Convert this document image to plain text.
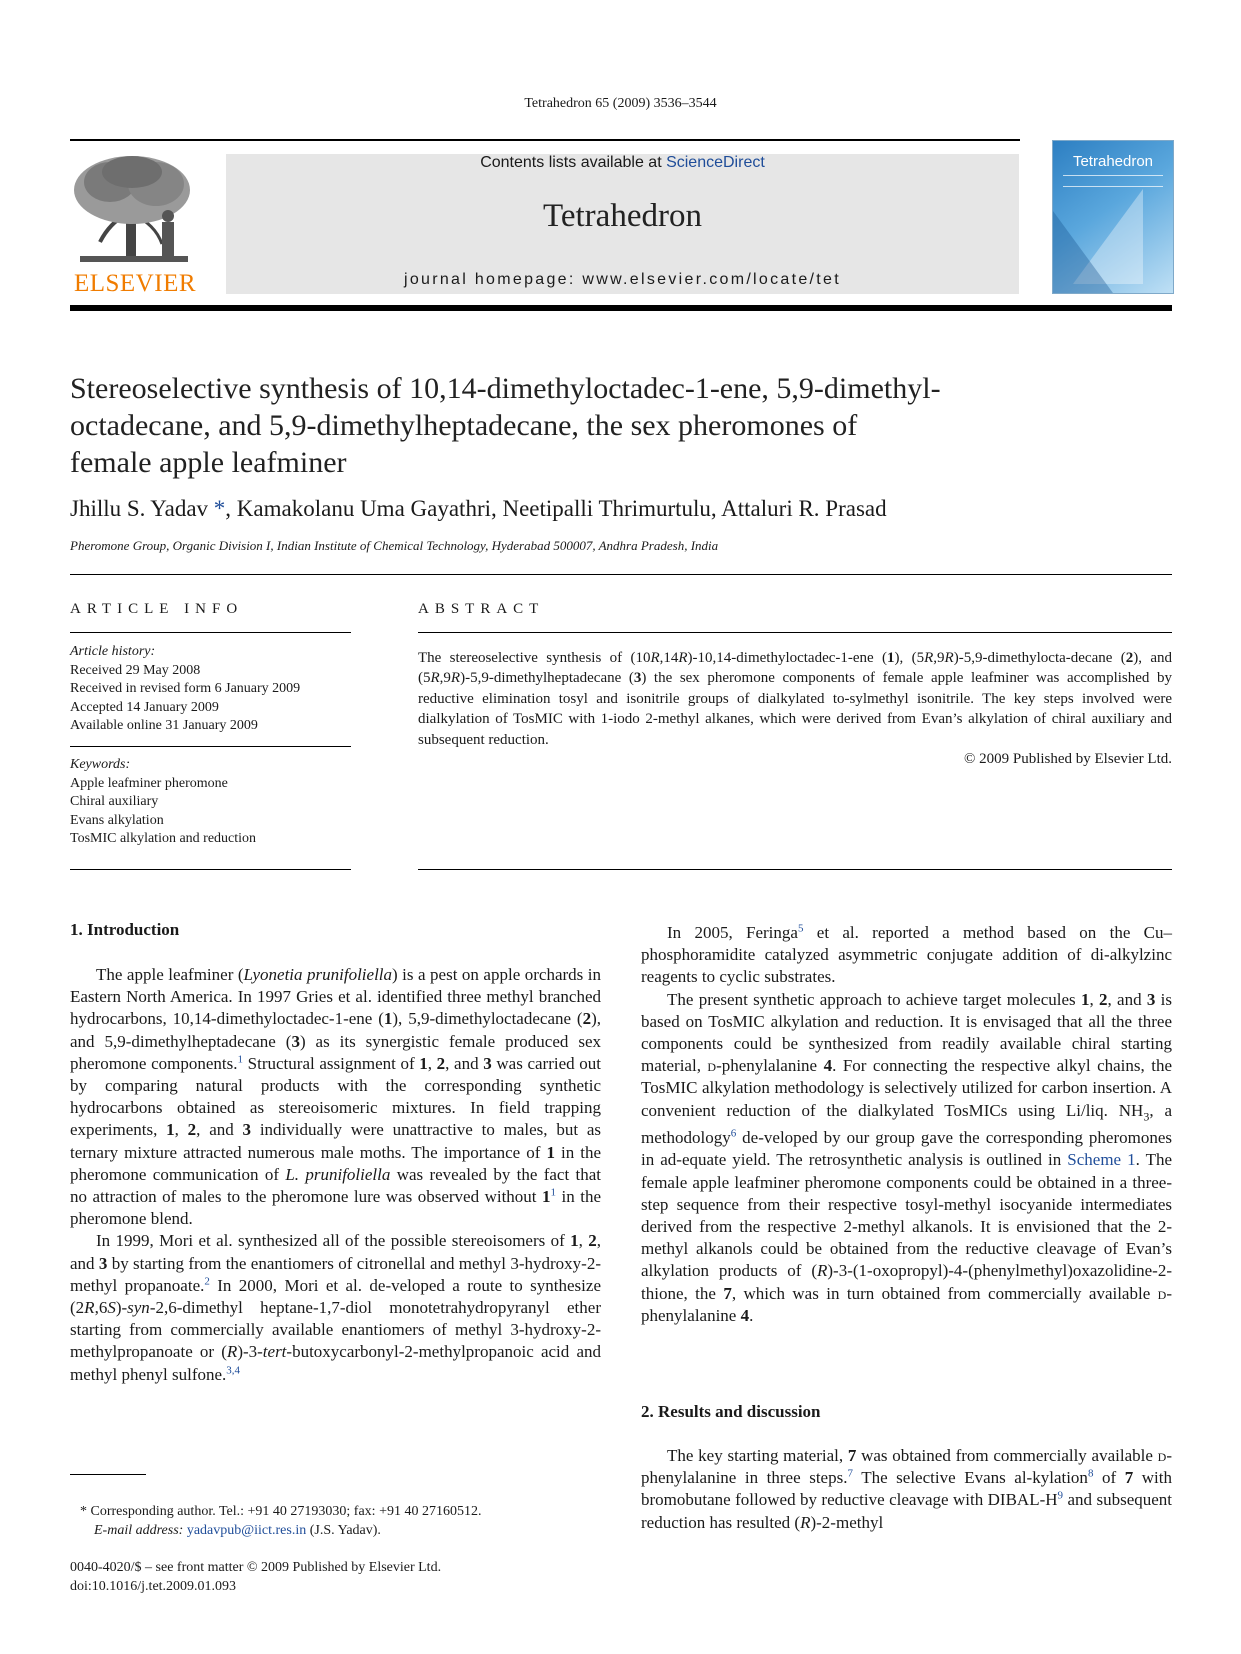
Tetrahedron 65 (2009) 3536–3544
ELSEVIER
Contents lists available at ScienceDirect
Tetrahedron
journal homepage: www.elsevier.com/locate/tet
Tetrahedron
Stereoselective synthesis of 10,14-dimethyloctadec-1-ene, 5,9-dimethyl-
octadecane, and 5,9-dimethylheptadecane, the sex pheromones of
female apple leafminer
Jhillu S. Yadav *, Kamakolanu Uma Gayathri, Neetipalli Thrimurtulu, Attaluri R. Prasad
Pheromone Group, Organic Division I, Indian Institute of Chemical Technology, Hyderabad 500007, Andhra Pradesh, India
ARTICLE INFO
Article history:
Received 29 May 2008
Received in revised form 6 January 2009
Accepted 14 January 2009
Available online 31 January 2009
Keywords:
Apple leafminer pheromone
Chiral auxiliary
Evans alkylation
TosMIC alkylation and reduction
ABSTRACT
The stereoselective synthesis of (10R,14R)-10,14-dimethyloctadec-1-ene (1), (5R,9R)-5,9-dimethylocta-decane (2), and (5R,9R)-5,9-dimethylheptadecane (3) the sex pheromone components of female apple leafminer was accomplished by reductive elimination tosyl and isonitrile groups of dialkylated to-sylmethyl isonitrile. The key steps involved were dialkylation of TosMIC with 1-iodo 2-methyl alkanes, which were derived from Evan’s alkylation of chiral auxiliary and subsequent reduction.
© 2009 Published by Elsevier Ltd.
1. Introduction

The apple leafminer (Lyonetia prunifoliella) is a pest on apple orchards in Eastern North America. In 1997 Gries et al. identified three methyl branched hydrocarbons, 10,14-dimethyloctadec-1-ene (1), 5,9-dimethyloctadecane (2), and 5,9-dimethylheptadecane (3) as its synergistic female produced sex pheromone components.$^1$ Structural assignment of 1, 2, and 3 was carried out by comparing natural products with the corresponding synthetic hydrocarbons obtained as stereoisomeric mixtures. In field trapping experiments, 1, 2, and 3 individually were unattractive to males, but as ternary mixture attracted numerous male moths. The importance of 1 in the pheromone communication of L. prunifoliella was revealed by the fact that no attraction of males to the pheromone lure was observed without $1^1$ in the pheromone blend.

In 1999, Mori et al. synthesized all of the possible stereoisomers of 1, 2, and 3 by starting from the enantiomers of citronellal and methyl 3-hydroxy-2-methyl propanoate.$^2$ In 2000, Mori et al. de-veloped a route to synthesize (2R,6S)-syn-2,6-dimethyl heptane-1,7-diol monotetrahydropyranyl ether starting from commercially available enantiomers of methyl 3-hydroxy-2-methylpropanoate or (R)-3-tert-butoxycarbonyl-2-methylpropanoic acid and methyl phenyl sulfone.$^{3,4}$

* Corresponding author. Tel.: +91 40 27193030; fax: +91 40 27160512.
E-mail address: yadavpub@iict.res.in (J.S. Yadav).
0040-4020/$ – see front matter © 2009 Published by Elsevier Ltd.
doi:10.1016/j.tet.2009.01.093

In 2005, Feringa$^5$ et al. reported a method based on the Cu–phosphoramidite catalyzed asymmetric conjugate addition of di-alkylzinc reagents to cyclic substrates.

The present synthetic approach to achieve target molecules 1, 2, and 3 is based on TosMIC alkylation and reduction. It is envisaged that all the three components could be synthesized from readily available chiral starting material, d-phenylalanine 4. For connecting the respective alkyl chains, the TosMIC alkylation methodology is selectively utilized for carbon insertion. A convenient reduction of the dialkylated TosMICs using Li/liq. $NH_3$, a methodology$^6$ de-veloped by our group gave the corresponding pheromones in ad-equate yield. The retrosynthetic analysis is outlined in Scheme 1. The female apple leafminer pheromone components could be obtained in a three-step sequence from their respective tosyl-methyl isocyanide intermediates derived from the respective 2-methyl alkanols. It is envisioned that the 2-methyl alkanols could be obtained from the reductive cleavage of Evan’s alkylation products of (R)-3-(1-oxopropyl)-4-(phenylmethyl)oxazolidine-2-thione, the 7, which was in turn obtained from commercially available d-phenylalanine 4.

2. Results and discussion

The key starting material, 7 was obtained from commercially available d-phenylalanine in three steps.$^7$ The selective Evans al-kylation$^8$ of 7 with bromobutane followed by reductive cleavage with DIBAL-$H^9$ and subsequent reduction has resulted (R)-2-methyl
